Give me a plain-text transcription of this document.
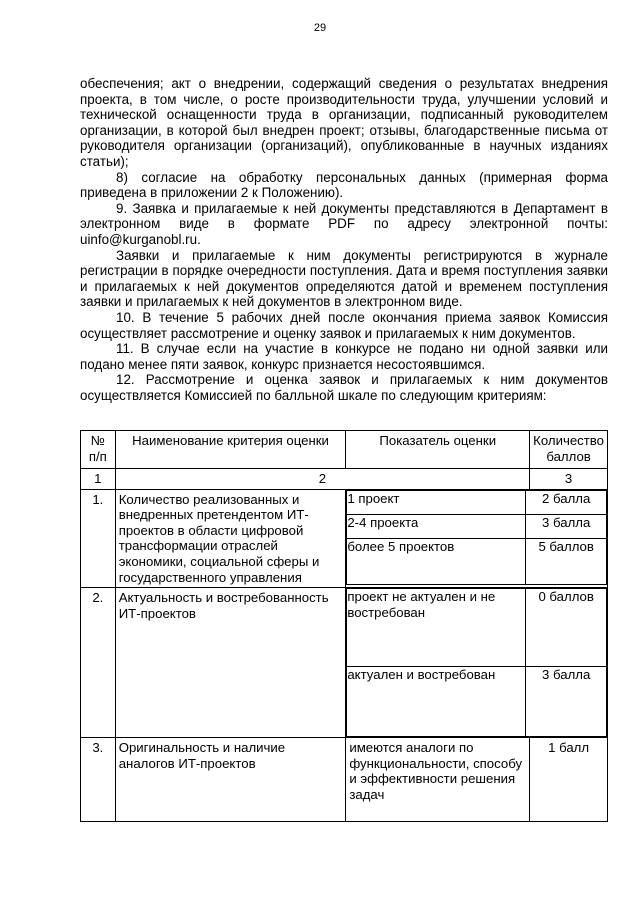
29

обеспечения; акт о внедрении, содержащий сведения о результатах внедрения проекта, в том числе, о росте производительности труда, улучшении условий и технической оснащенности труда в организации, подписанный руководителем организации, в которой был внедрен проект; отзывы, благодарственные письма от руководителя организации (организаций), опубликованные в научных изданиях статьи);

8) согласие на обработку персональных данных (примерная форма приведена в приложении 2 к Положению).

9. Заявка и прилагаемые к ней документы представляются в Департамент в электронном виде в формате PDF по адресу электронной почты: uinfo@kurganobl.ru.

Заявки и прилагаемые к ним документы регистрируются в журнале регистрации в порядке очередности поступления. Дата и время поступления заявки и прилагаемых к ней документов определяются датой и временем поступления заявки и прилагаемых к ней документов в электронном виде.

10. В течение 5 рабочих дней после окончания приема заявок Комиссия осуществляет рассмотрение и оценку заявок и прилагаемых к ним документов.

11. В случае если на участие в конкурсе не подано ни одной заявки или подано менее пяти заявок, конкурс признается несостоявшимся.

12. Рассмотрение и оценка заявок и прилагаемых к ним документов осуществляется Комиссией по балльной шкале по следующим критериям:

№ п/п	Наименование критерия оценки	Показатель оценки	Количество баллов
1	2	3
1.	Количество реализованных и внедренных претендентом ИТ-проектов в области цифровой трансформации отраслей экономики, социальной сферы и государственного управления	
1 проект	2 балла
2-4 проекта	3 балла
более 5 проектов	5 баллов

2.	Актуальность и востребованность ИТ-проектов	
проект не актуален и не востребован	0 баллов
актуален и востребован	3 балла

3.	Оригинальность и наличие аналогов ИТ-проектов	имеются аналоги по функциональности, способу и эффективности решения задач	1 балл
